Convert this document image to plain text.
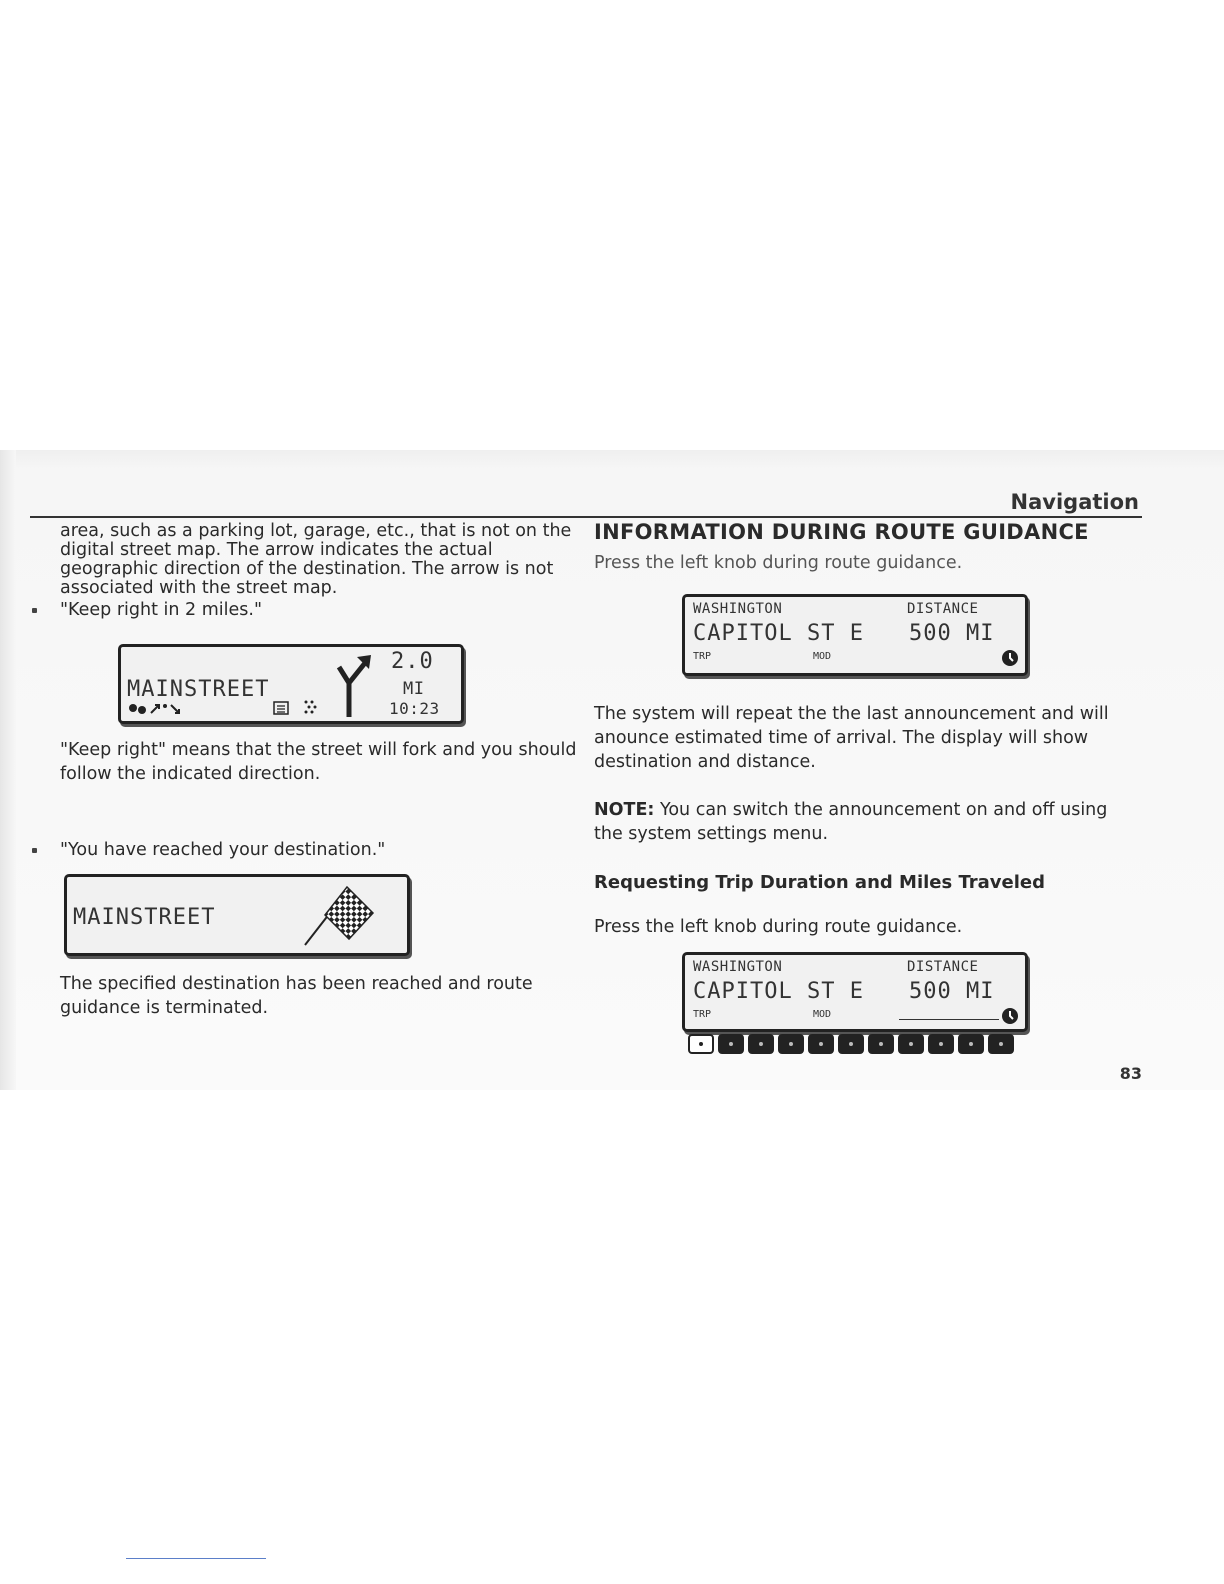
Navigation

area, such as a parking lot, garage, etc., that is not on the digital street map. The arrow indicates the actual geographic direction of the destination. The arrow is not associated with the street map.

"Keep right in 2 miles."
MAINSTREET
2.0
MI
10:23

"Keep right" means that the street will fork and you should follow the indicated direction.

"You have reached your destination."
MAINSTREET

The specified destination has been reached and route guidance is terminated.

INFORMATION DURING ROUTE GUIDANCE

Press the left knob during route guidance.

WASHINGTON	DISTANCE
CAPITOL ST E 500 MI
TRP	MOD

The system will repeat the the last announcement and will anounce estimated time of arrival. The display will show destination and distance.

NOTE: You can switch the announcement on and off using the system settings menu.

Requesting Trip Duration and Miles Traveled

Press the left knob during route guidance.

WASHINGTON	DISTANCE
CAPITOL ST E 500 MI
TRP	MOD
83
